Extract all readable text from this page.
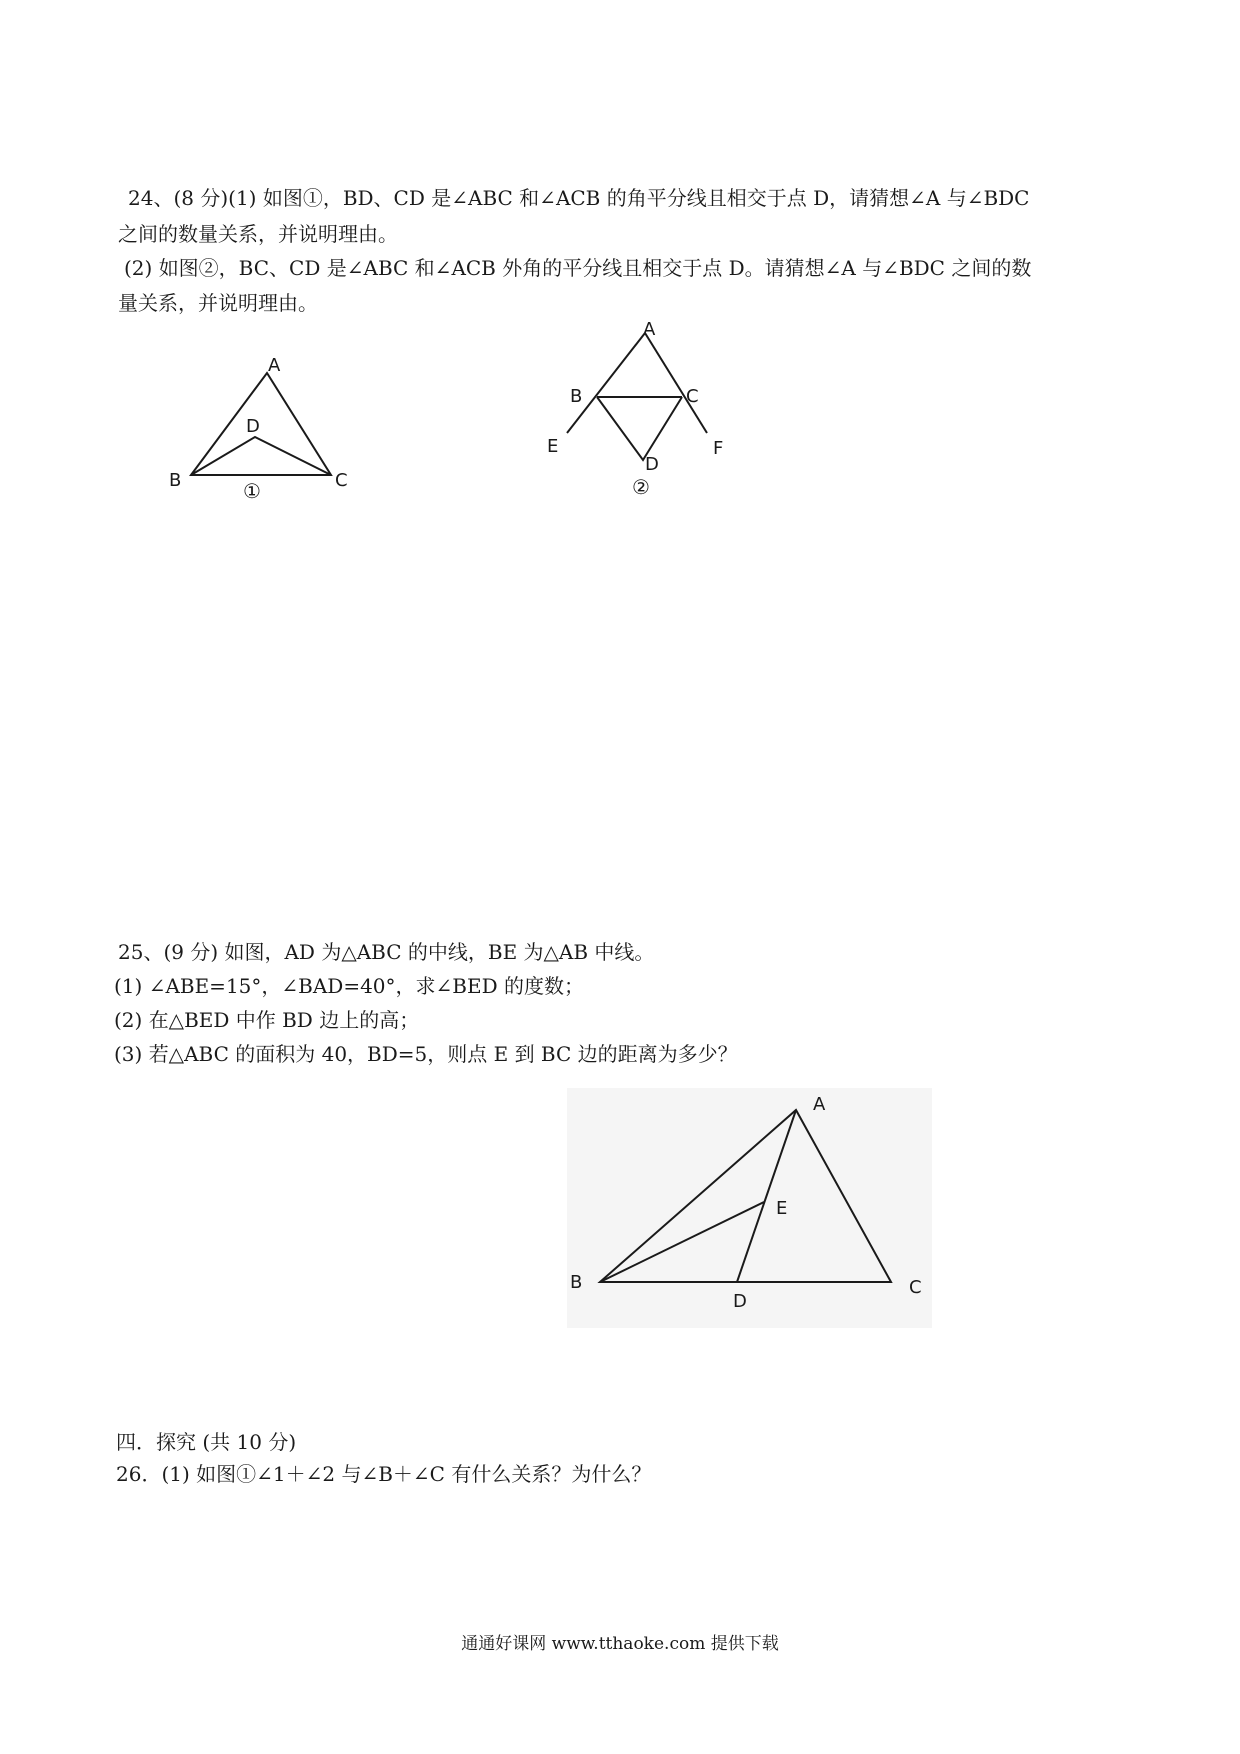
24、(8 分)(1) 如图①，BD、CD 是∠ABC 和∠ACB 的角平分线且相交于点 D，请猜想∠A 与∠BDC
之间的数量关系，并说明理由。
(2) 如图②，BC、CD 是∠ABC 和∠ACB 外角的平分线且相交于点 D。请猜想∠A 与∠BDC 之间的数
量关系，并说明理由。
A
B	C
D
①
A
B	C
D
E	F
②
25、(9 分) 如图，AD 为△ABC 的中线，BE 为△AB 中线。
(1) ∠ABE=15°，∠BAD=40°，求∠BED 的度数；
(2) 在△BED 中作 BD 边上的高；
(3) 若△ABC 的面积为 40，BD=5，则点 E 到 BC 边的距离为多少？
A
B	C
D
E
四．探究 (共 10 分)
26．(1) 如图①∠1＋∠2 与∠B＋∠C 有什么关系？为什么？
通通好课网 www.tthaoke.com 提供下载
